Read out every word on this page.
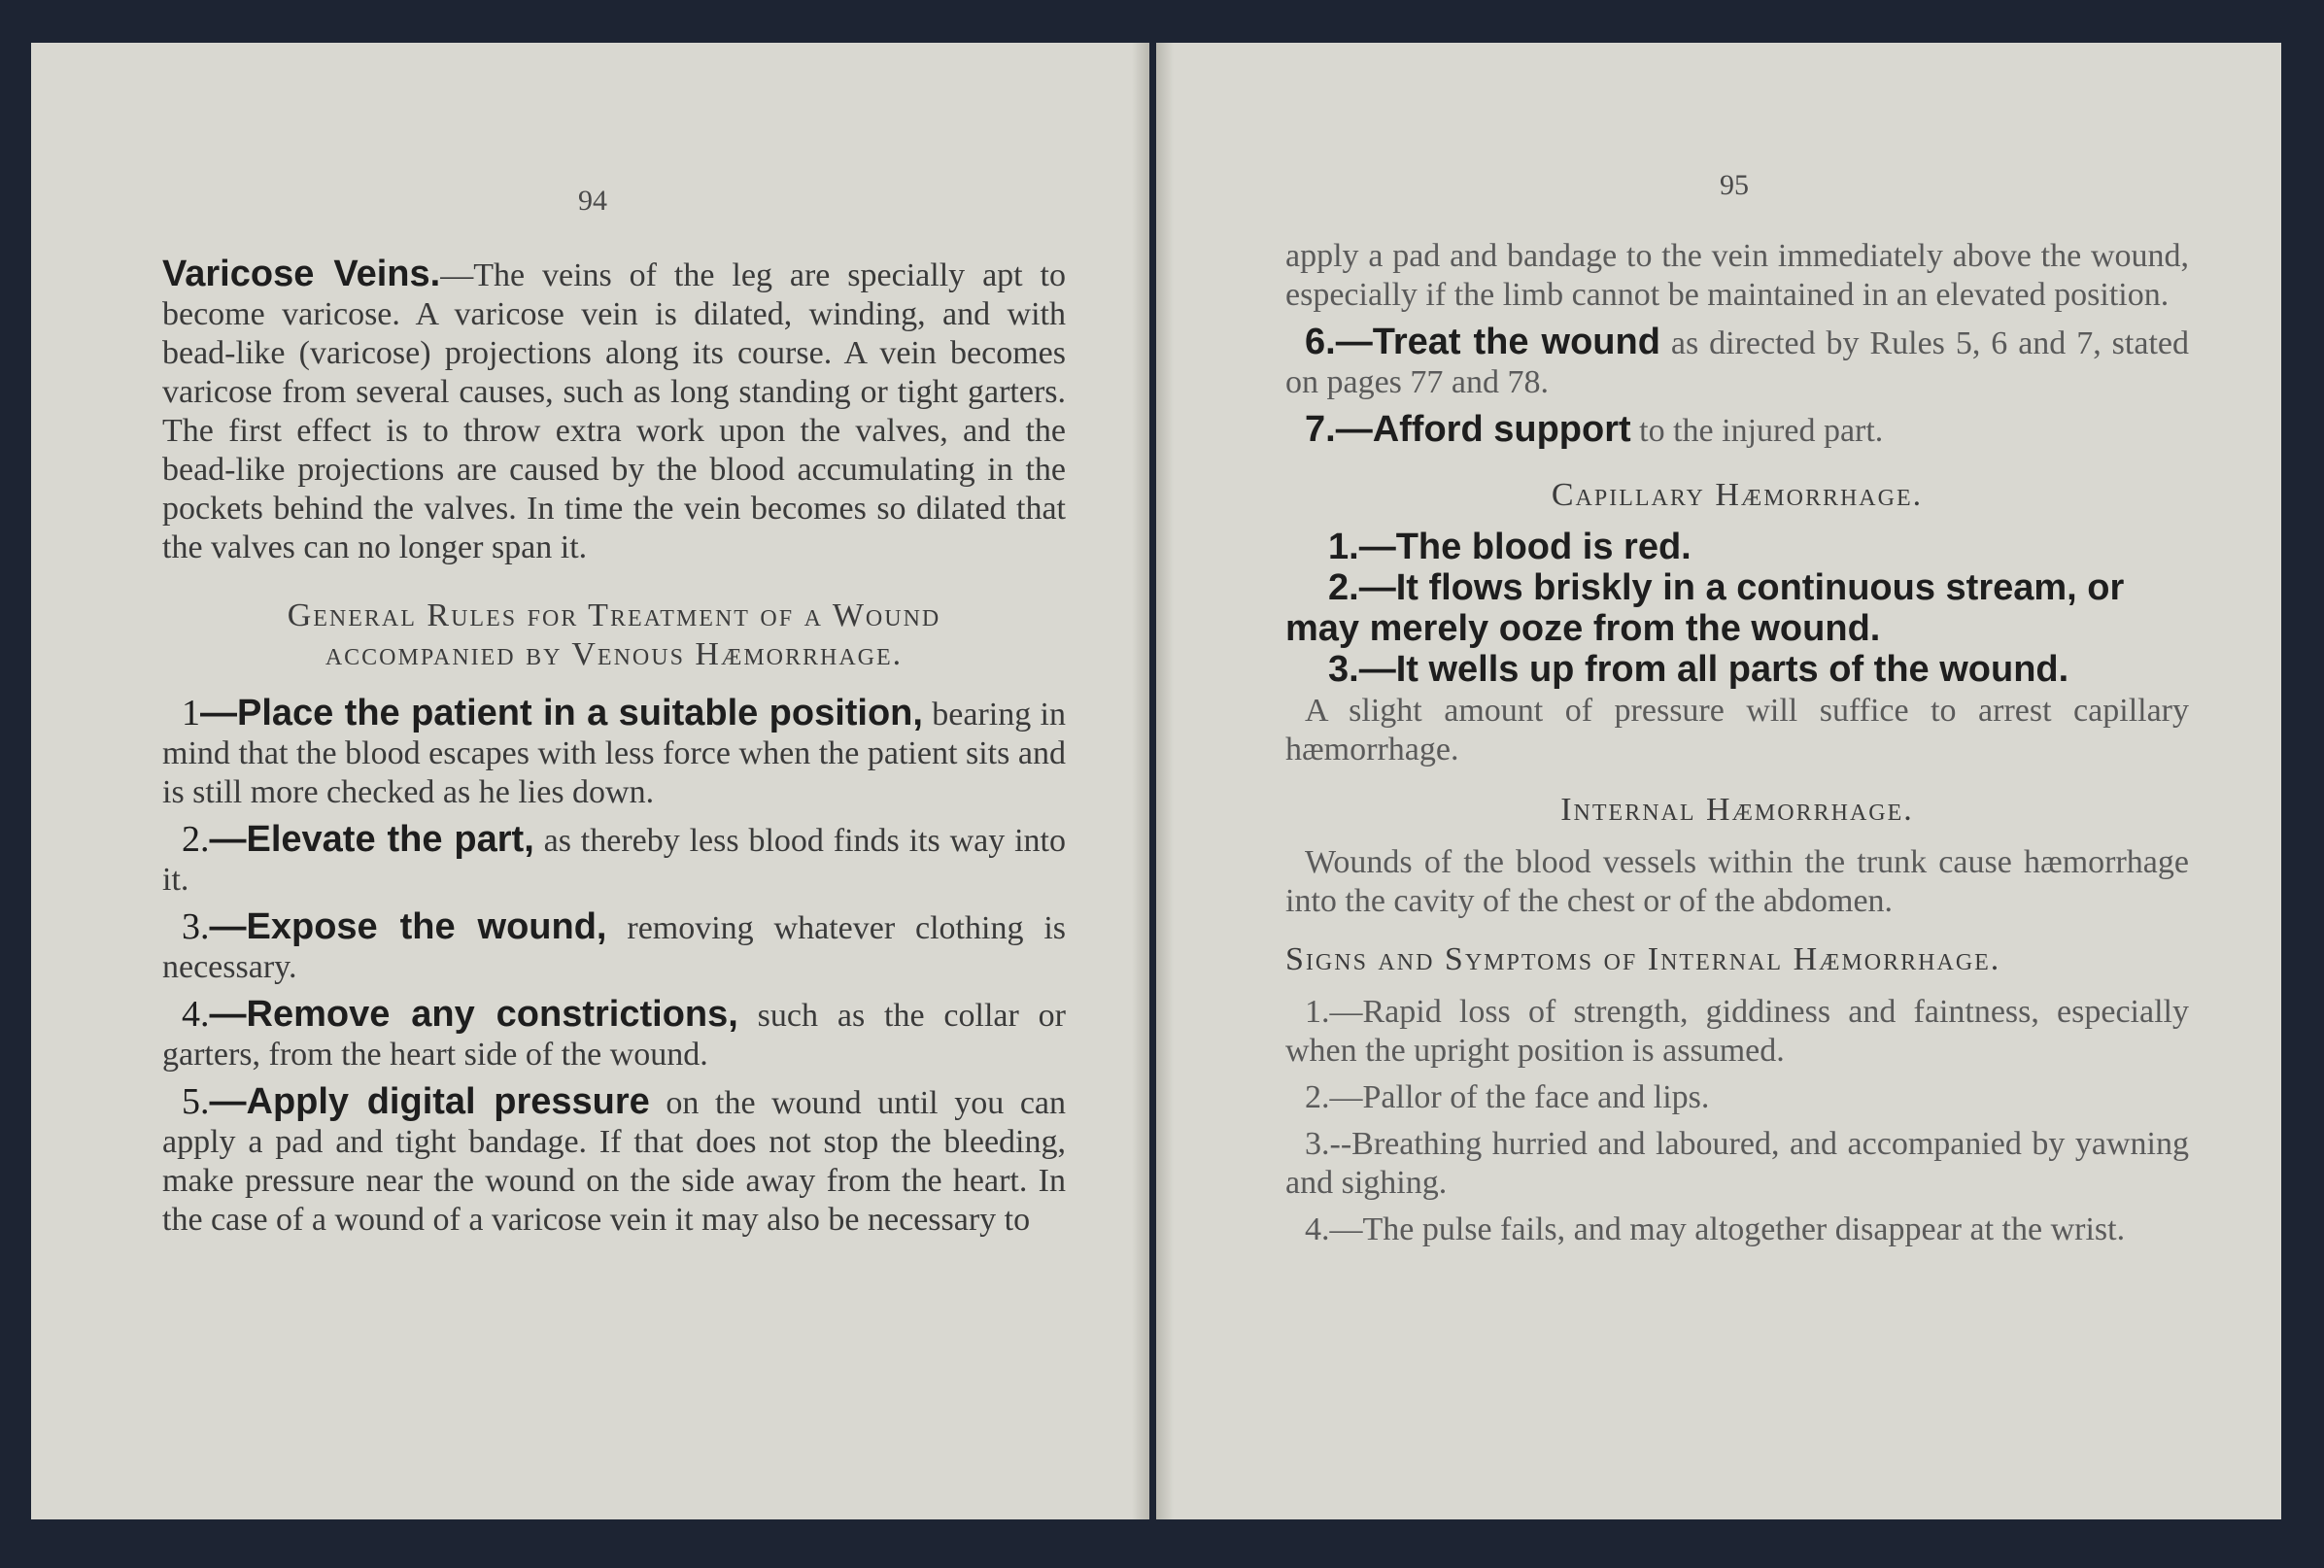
94

Varicose Veins.—The veins of the leg are specially apt to become varicose. A varicose vein is dilated, winding, and with bead-like (varicose) projections along its course. A vein becomes varicose from several causes, such as long standing or tight garters. The first effect is to throw extra work upon the valves, and the bead-like projections are caused by the blood accumulating in the pockets behind the valves. In time the vein becomes so dilated that the valves can no longer span it.

General Rules for Treatment of a Wound
accompanied by Venous Hæmorrhage.

1—Place the patient in a suitable position, bearing in mind that the blood escapes with less force when the patient sits and is still more checked as he lies down.

2.—Elevate the part, as thereby less blood finds its way into it.

3.—Expose the wound, removing whatever clothing is necessary.

4.—Remove any constrictions, such as the collar or garters, from the heart side of the wound.

5.—Apply digital pressure on the wound until you can apply a pad and tight bandage. If that does not stop the bleeding, make pressure near the wound on the side away from the heart. In the case of a wound of a varicose vein it may also be necessary to

95

apply a pad and bandage to the vein immediately above the wound, especially if the limb cannot be maintained in an elevated position.

6.—Treat the wound as directed by Rules 5, 6 and 7, stated on pages 77 and 78.

7.—Afford support to the injured part.

Capillary Hæmorrhage.

1.—The blood is red.

2.—It flows briskly in a continuous stream, or may merely ooze from the wound.

3.—It wells up from all parts of the wound.

A slight amount of pressure will suffice to arrest capillary hæmorrhage.

Internal Hæmorrhage.

Wounds of the blood vessels within the trunk cause hæmorrhage into the cavity of the chest or of the abdomen.

Signs and Symptoms of Internal Hæmorrhage.

1.—Rapid loss of strength, giddiness and faintness, especially when the upright position is assumed.

2.—Pallor of the face and lips.

3.--Breathing hurried and laboured, and accompanied by yawning and sighing.

4.—The pulse fails, and may altogether disappear at the wrist.
